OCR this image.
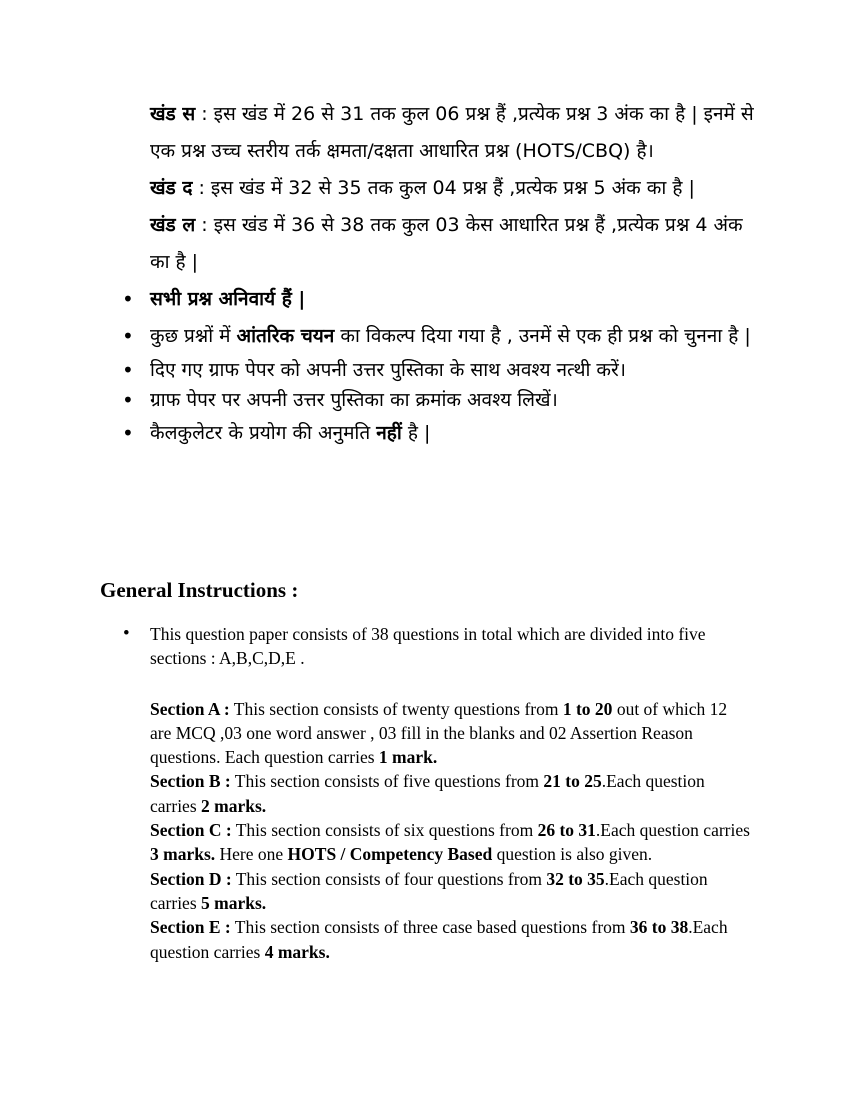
खंड स : इस खंड में 26 से 31 तक कुल 06 प्रश्न हैं ,प्रत्येक प्रश्न 3 अंक का है | इनमें से एक प्रश्न उच्च स्तरीय तर्क क्षमता/दक्षता आधारित प्रश्न (HOTS/CBQ) है।

खंड द : इस खंड में 32 से 35 तक कुल 04 प्रश्न हैं ,प्रत्येक प्रश्न 5 अंक का है |

खंड ल : इस खंड में 36 से 38 तक कुल 03 केस आधारित प्रश्न हैं ,प्रत्येक प्रश्न 4 अंक का है |

• सभी प्रश्न अनिवार्य हैं |

• कुछ प्रश्नों में आंतरिक चयन का विकल्प दिया गया है , उनमें से एक ही प्रश्न को चुनना है |

• दिए गए ग्राफ पेपर को अपनी उत्तर पुस्तिका के साथ अवश्य नत्थी करें।

• ग्राफ पेपर पर अपनी उत्तर पुस्तिका का क्रमांक अवश्य लिखें।

• कैलकुलेटर के प्रयोग की अनुमति नहीं है |

General Instructions :

• This question paper consists of 38 questions in total which are divided into five sections : A,B,C,D,E .

Section A : This section consists of twenty questions from 1 to 20 out of which 12 are MCQ ,03 one word answer , 03 fill in the blanks and 02 Assertion Reason questions. Each question carries 1 mark.

Section B : This section consists of five questions from 21 to 25.Each question carries 2 marks.

Section C : This section consists of six questions from 26 to 31.Each question carries 3 marks. Here one HOTS / Competency Based question is also given.

Section D : This section consists of four questions from 32 to 35.Each question carries 5 marks.

Section E : This section consists of three case based questions from 36 to 38.Each question carries 4 marks.
